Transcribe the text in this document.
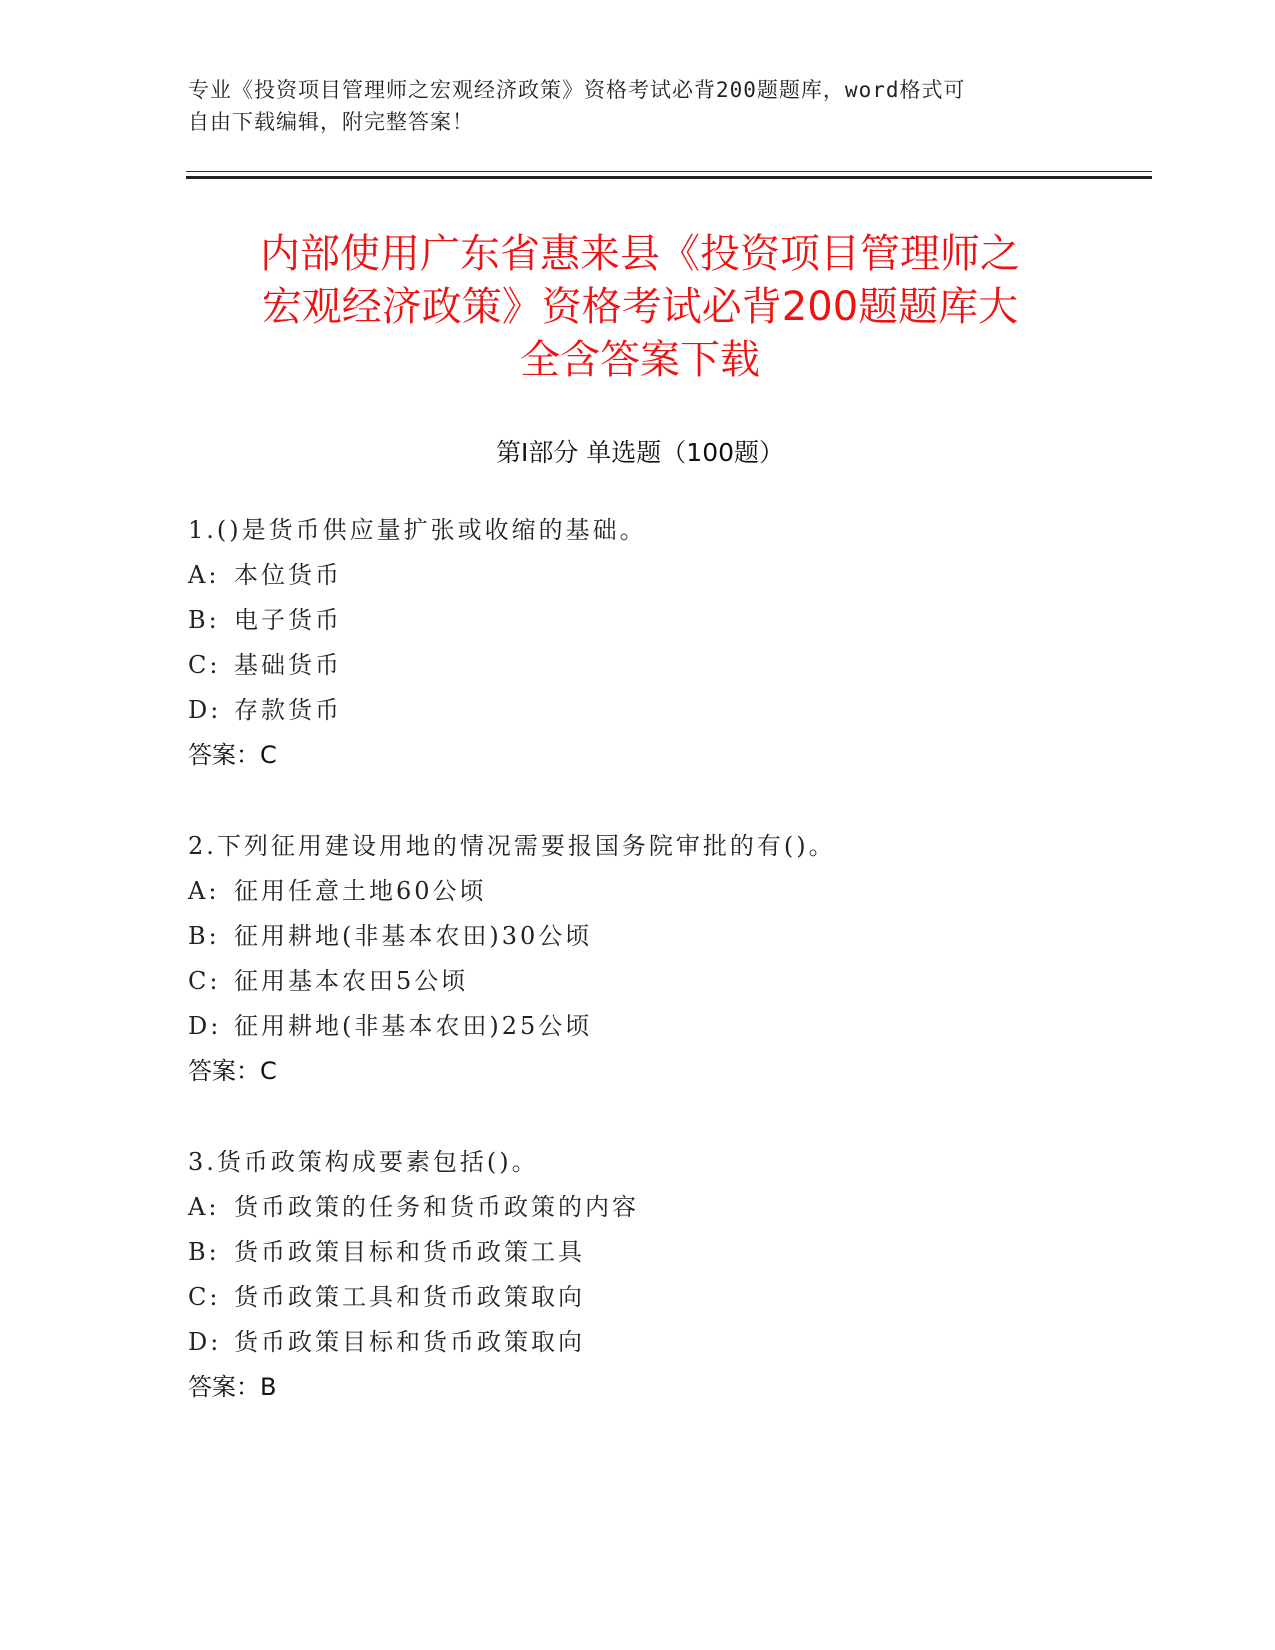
专业《投资项目管理师之宏观经济政策》资格考试必背200题题库，word格式可
自由下载编辑，附完整答案！
内部使用广东省惠来县《投资项目管理师之
宏观经济政策》资格考试必背200题题库大
全含答案下载
第Ⅰ部分 单选题（100题）
1.()是货币供应量扩张或收缩的基础。
A: 本位货币
B: 电子货币
C: 基础货币
D: 存款货币
答案：C
2.下列征用建设用地的情况需要报国务院审批的有()。
A: 征用任意土地60公顷
B: 征用耕地(非基本农田)30公顷
C: 征用基本农田5公顷
D: 征用耕地(非基本农田)25公顷
答案：C
3.货币政策构成要素包括()。
A: 货币政策的任务和货币政策的内容
B: 货币政策目标和货币政策工具
C: 货币政策工具和货币政策取向
D: 货币政策目标和货币政策取向
答案：B
